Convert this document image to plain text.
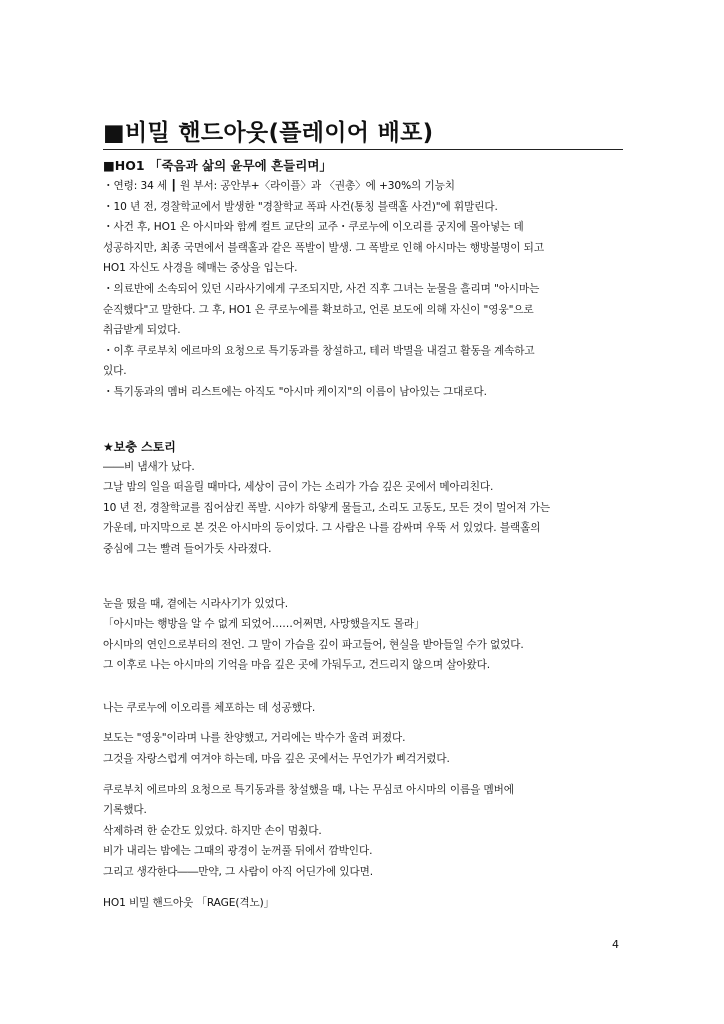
■비밀 핸드아웃(플레이어 배포)
■HO1 「죽음과 삶의 윤무에 흔들리며」
・연령: 34 세 ┃ 원 부서: 공안부+〈라이플〉과 〈권총〉에 +30%의 기능치
・10 년 전, 경찰학교에서 발생한 "경찰학교 폭파 사건(통칭 블랙홀 사건)"에 휘말린다.
・사건 후, HO1 은 아시마와 함께 컬트 교단의 교주・쿠로누에 이오리를 궁지에 몰아넣는 데
성공하지만, 최종 국면에서 블랙홀과 같은 폭발이 발생. 그 폭발로 인해 아시마는 행방불명이 되고
HO1 자신도 사경을 헤매는 중상을 입는다.
・의료반에 소속되어 있던 시라사기에게 구조되지만, 사건 직후 그녀는 눈물을 흘리며 "아시마는
순직했다"고 말한다. 그 후, HO1 은 쿠로누에를 확보하고, 언론 보도에 의해 자신이 "영웅"으로
취급받게 되었다.
・이후 쿠로부치 에르마의 요청으로 특기동과를 창설하고, 테러 박멸을 내걸고 활동을 계속하고
있다.
・특기동과의 멤버 리스트에는 아직도 "아시마 케이지"의 이름이 남아있는 그대로다.
★보충 스토리
――비 냄새가 났다.
그날 밤의 일을 떠올릴 때마다, 세상이 금이 가는 소리가 가슴 깊은 곳에서 메아리친다.
10 년 전, 경찰학교를 집어삼킨 폭발. 시야가 하얗게 물들고, 소리도 고동도, 모든 것이 멀어져 가는
가운데, 마지막으로 본 것은 아시마의 등이었다. 그 사람은 나를 감싸며 우뚝 서 있었다. 블랙홀의
중심에 그는 빨려 들어가듯 사라졌다.
눈을 떴을 때, 곁에는 시라사기가 있었다.
「아시마는 행방을 알 수 없게 되었어……어쩌면, 사망했을지도 몰라」
아시마의 연인으로부터의 전언. 그 말이 가슴을 깊이 파고들어, 현실을 받아들일 수가 없었다.
그 이후로 나는 아시마의 기억을 마음 깊은 곳에 가둬두고, 건드리지 않으며 살아왔다.
나는 쿠로누에 이오리를 체포하는 데 성공했다.
보도는 "영웅"이라며 나를 찬양했고, 거리에는 박수가 울려 퍼졌다.
그것을 자랑스럽게 여겨야 하는데, 마음 깊은 곳에서는 무언가가 삐걱거렸다.
쿠로부치 에르마의 요청으로 특기동과를 창설했을 때, 나는 무심코 아시마의 이름을 멤버에
기록했다.
삭제하려 한 순간도 있었다. 하지만 손이 멈췄다.
비가 내리는 밤에는 그때의 광경이 눈꺼풀 뒤에서 깜박인다.
그리고 생각한다――만약, 그 사람이 아직 어딘가에 있다면.
HO1 비밀 핸드아웃 「RAGE(격노)」
4
